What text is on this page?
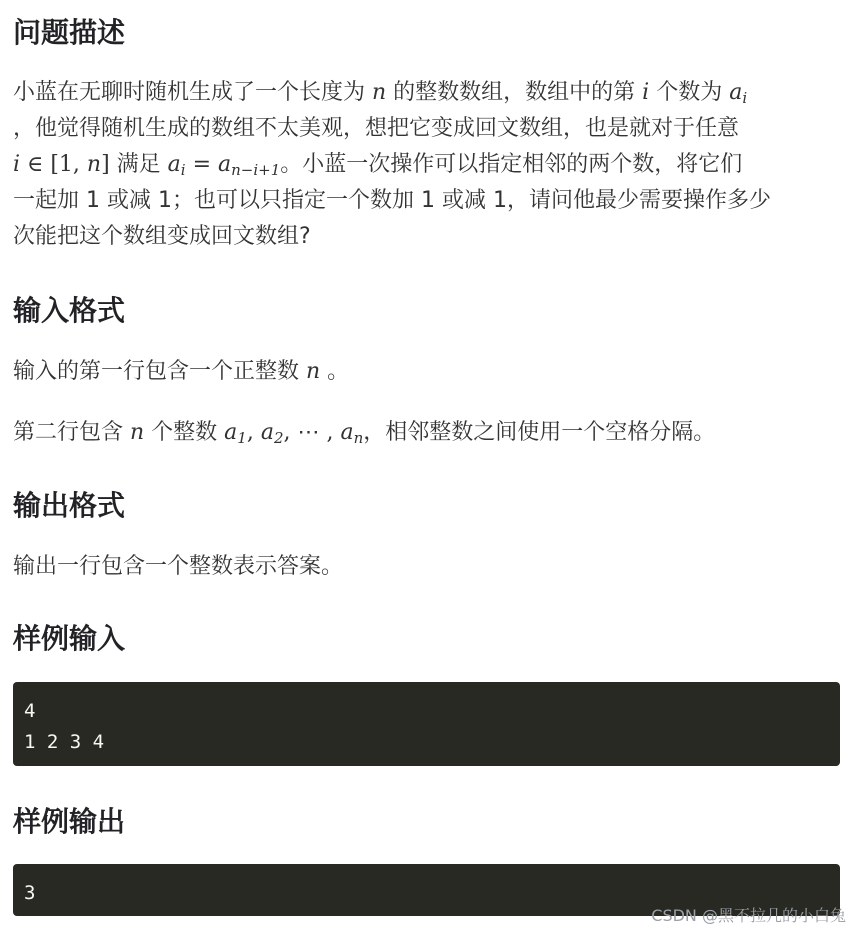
问题描述

小蓝在无聊时随机生成了一个长度为 n 的整数数组，数组中的第 i 个数为 $a_i$

，他觉得随机生成的数组不太美观，想把它变成回文数组，也是就对于任意

i ∈ [1, n] 满足 $a_i = a_{n-i+1}$。小蓝一次操作可以指定相邻的两个数，将它们

一起加 1 或减 1；也可以只指定一个数加 1 或减 1，请问他最少需要操作多少

次能把这个数组变成回文数组?

输入格式

输入的第一行包含一个正整数 n 。

第二行包含 n 个整数 $a_1$, $a_2$, ⋯ , $a_n$，相邻整数之间使用一个空格分隔。

输出格式

输出一行包含一个整数表示答案。

样例输入
4
1 2 3 4
样例输出
3
CSDN @黑不拉几的小白兔
